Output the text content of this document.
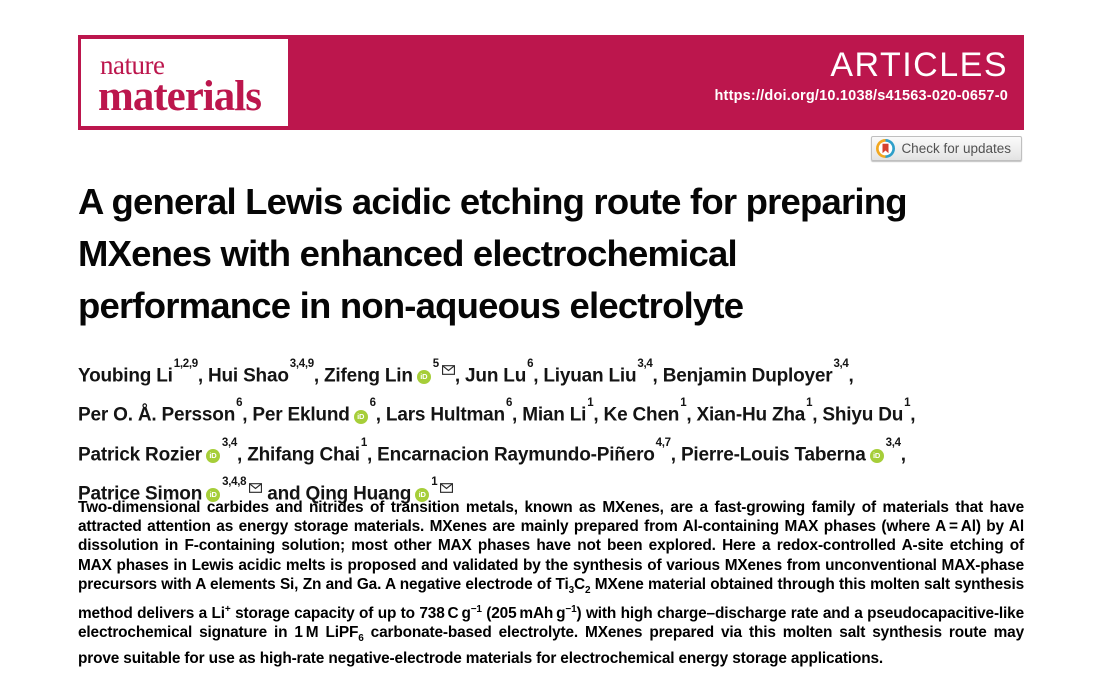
nature
materials
ARTICLES
https://doi.org/10.1038/s41563-020-0657-0
Check for updates
A general Lewis acidic etching route for preparing
MXenes with enhanced electrochemical
performance in non-aqueous electrolyte
Youbing Li$^{1,2,9}$, Hui Shao$^{3,4,9}$, Zifeng Lin $iD^5$, Jun Lu$^6$, Liyuan Liu$^{3,4}$, Benjamin Duployer$^{3,4}$,
Per O. Å. Persson$^6$, Per Eklund $iD^6$, Lars Hultman$^6$, Mian Li$^1$, Ke Chen$^1$, Xian-Hu Zha$^1$, Shiyu Du$^1$,
Patrick Rozier iD$^{3,4}$, Zhifang Chai$^1$, Encarnacion Raymundo-Piñero$^{4,7}$, Pierre-Louis Taberna iD$^{3,4}$,
Patrice Simon iD$^{3,4,8}$ and Qing Huang $iD^1$

Two-dimensional carbides and nitrides of transition metals, known as MXenes, are a fast-growing family of materials that have attracted attention as energy storage materials. MXenes are mainly prepared from Al-containing MAX phases (where A = Al) by Al dissolution in F-containing solution; most other MAX phases have not been explored. Here a redox-controlled A-site etching of MAX phases in Lewis acidic melts is proposed and validated by the synthesis of various MXenes from unconventional MAX-phase precursors with A elements Si, Zn and Ga. A negative electrode of $Ti_3C_2$ MXene material obtained through this molten salt synthesis method delivers a Li+ storage capacity of up to 738 C $g^{-1}$ (205 mAh $g^{-1}$) with high charge–discharge rate and a pseudocapacitive-like electrochemical signature in 1 M LiPF$_6$ carbonate-based electrolyte. MXenes prepared via this molten salt synthesis route may prove suitable for use as high-rate negative-electrode materials for electrochemical energy storage applications.
